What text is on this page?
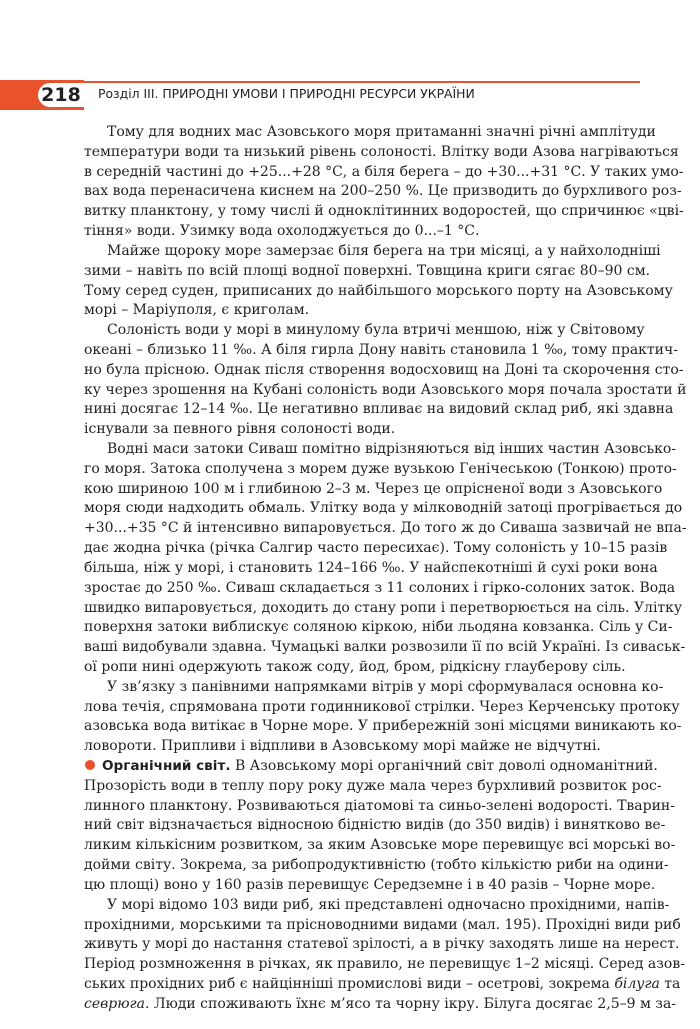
218 Розділ ІІІ. ПРИРОДНІ УМОВИ І ПРИРОДНІ РЕСУРСИ УКРАЇНИ
Тому для водних мас Азовського моря притаманні значні річні амплітуди
температури води та низький рівень солоності. Влітку води Азова нагріваються
в середній частині до +25...+28 °С, а біля берега – до +30...+31 °С. У таких умо-
вах вода перенасичена киснем на 200–250 %. Це призводить до бурхливого роз-
витку планктону, у тому числі й одноклітинних водоростей, що спричинює «цві-
тіння» води. Узимку вода охолоджується до 0...–1 °С.
Майже щороку море замерзає біля берега на три місяці, а у найхолодніші
зими – навіть по всій площі водної поверхні. Товщина криги сягає 80–90 см.
Тому серед суден, приписаних до найбільшого морського порту на Азовському
морі – Маріуполя, є криголам.
Солоність води у морі в минулому була втричі меншою, ніж у Світовому
океані – близько 11 ‰. А біля гирла Дону навіть становила 1 ‰, тому практич-
но була прісною. Однак після створення водосховищ на Доні та скорочення сто-
ку через зрошення на Кубані солоність води Азовського моря почала зростати й
нині досягає 12–14 ‰. Це негативно впливає на видовий склад риб, які здавна
існували за певного рівня солоності води.
Водні маси затоки Сиваш помітно відрізняються від інших частин Азовсько-
го моря. Затока сполучена з морем дуже вузькою Генічеською (Тонкою) прото-
кою шириною 100 м і глибиною 2–3 м. Через це опрісненої води з Азовського
моря сюди надходить обмаль. Улітку вода у мілководній затоці прогрівається до
+30...+35 °С й інтенсивно випаровується. До того ж до Сиваша зазвичай не впа-
дає жодна річка (річка Салгир часто пересихає). Тому солоність у 10–15 разів
більша, ніж у морі, і становить 124–166 ‰. У найспекотніші й сухі роки вона
зростає до 250 ‰. Сиваш складається з 11 солоних і гірко-солоних заток. Вода
швидко випаровується, доходить до стану ропи і перетворюється на сіль. Улітку
поверхня затоки виблискує соляною кіркою, ніби льодяна ковзанка. Сіль у Си-
ваші видобували здавна. Чумацькі валки розвозили її по всій Україні. Із сиваськ-
ої ропи нині одержують також соду, йод, бром, рідкісну глауберову сіль.
У зв’язку з панівними напрямками вітрів у морі сформувалася основна ко-
лова течія, спрямована проти годинникової стрілки. Через Керченську протоку
азовська вода витікає в Чорне море. У прибережній зоні місцями виникають ко-
ловороти. Припливи і відпливи в Азовському морі майже не відчутні.
Органічний світ. В Азовському морі органічний світ доволі одноманітний.
Прозорість води в теплу пору року дуже мала через бурхливий розвиток рос-
линного планктону. Розвиваються діатомові та синьо-зелені водорості. Тварин-
ний світ відзначається відносною бідністю видів (до 350 видів) і винятково ве-
ликим кількісним розвитком, за яким Азовське море перевищує всі морські во-
дойми світу. Зокрема, за рибопродуктивністю (тобто кількістю риби на одини-
цю площі) воно у 160 разів перевищує Середземне і в 40 разів – Чорне море.
У морі відомо 103 види риб, які представлені одночасно прохідними, напів-
прохідними, морськими та прісноводними видами (мал. 195). Прохідні види риб
живуть у морі до настання статевої зрілості, а в річку заходять лише на нерест.
Період розмноження в річках, як правило, не перевищує 1–2 місяці. Серед азов-
ських прохідних риб є найцінніші промислові види – осетрові, зокрема білуга та
севрюга. Люди споживають їхнє м’ясо та чорну ікру. Білуга досягає 2,5–9 м за-
